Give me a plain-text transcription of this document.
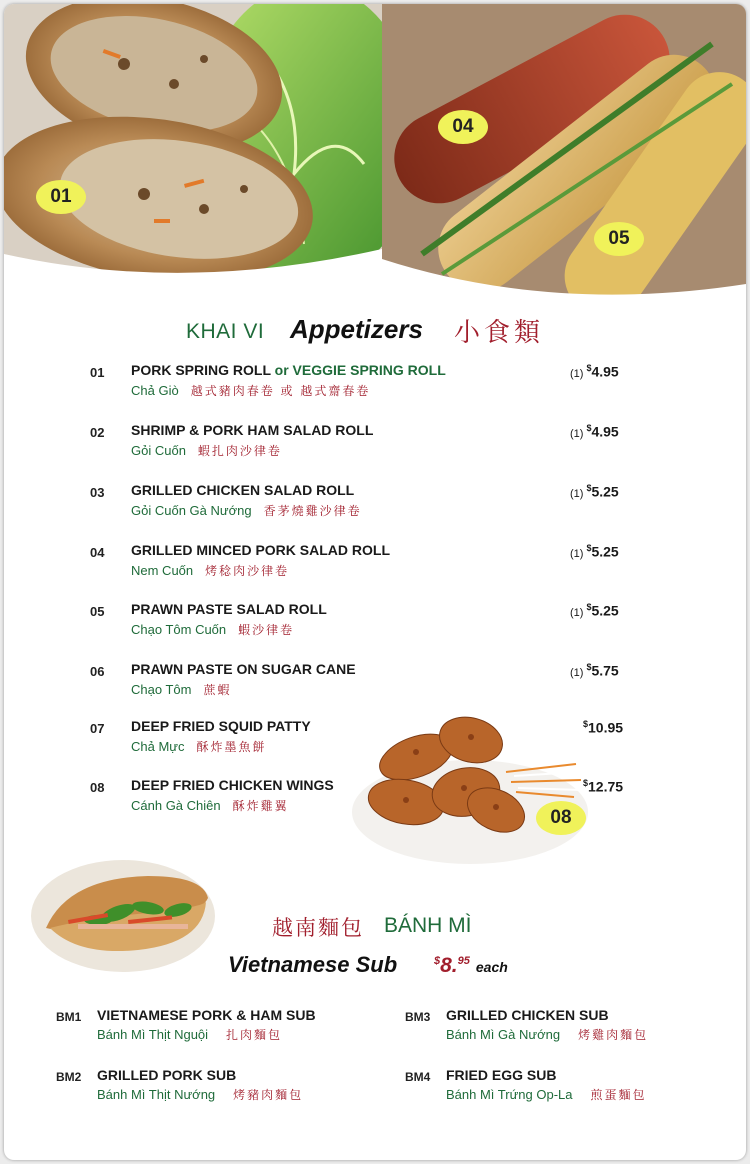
01
04
05
KHAI VI Appetizers 小食類
01 PORK SPRING ROLL or VEGGIE SPRING ROLL
Chả Giò 越式豬肉春卷 或 越式齋春卷
(1) $4.95
02 SHRIMP & PORK HAM SALAD ROLL
Gỏi Cuốn 蝦扎肉沙律卷
(1) $4.95
03 GRILLED CHICKEN SALAD ROLL
Gỏi Cuốn Gà Nướng 香茅燒雞沙律卷
(1) $5.25
04 GRILLED MINCED PORK SALAD ROLL
Nem Cuốn 烤稔肉沙律卷
(1) $5.25
05 PRAWN PASTE SALAD ROLL
Chạo Tôm Cuốn 蝦沙律卷
(1) $5.25
06 PRAWN PASTE ON SUGAR CANE
Chạo Tôm 蔗蝦
(1) $5.75
08
07 DEEP FRIED SQUID PATTY
Chả Mực 酥炸墨魚餅
$10.95
08 DEEP FRIED CHICKEN WINGS
Cánh Gà Chiên 酥炸雞翼
$12.75
越南麵包 BÁNH MÌ
Vietnamese Sub	$8.95 each
BM1 VIETNAMESE PORK & HAM SUB
Bánh Mì Thịt Nguội 扎肉麵包
BM2 GRILLED PORK SUB
Bánh Mì Thịt Nướng 烤豬肉麵包
BM3 GRILLED CHICKEN SUB
Bánh Mì Gà Nướng 烤雞肉麵包
BM4 FRIED EGG SUB
Bánh Mì Trứng Op-La 煎蛋麵包
